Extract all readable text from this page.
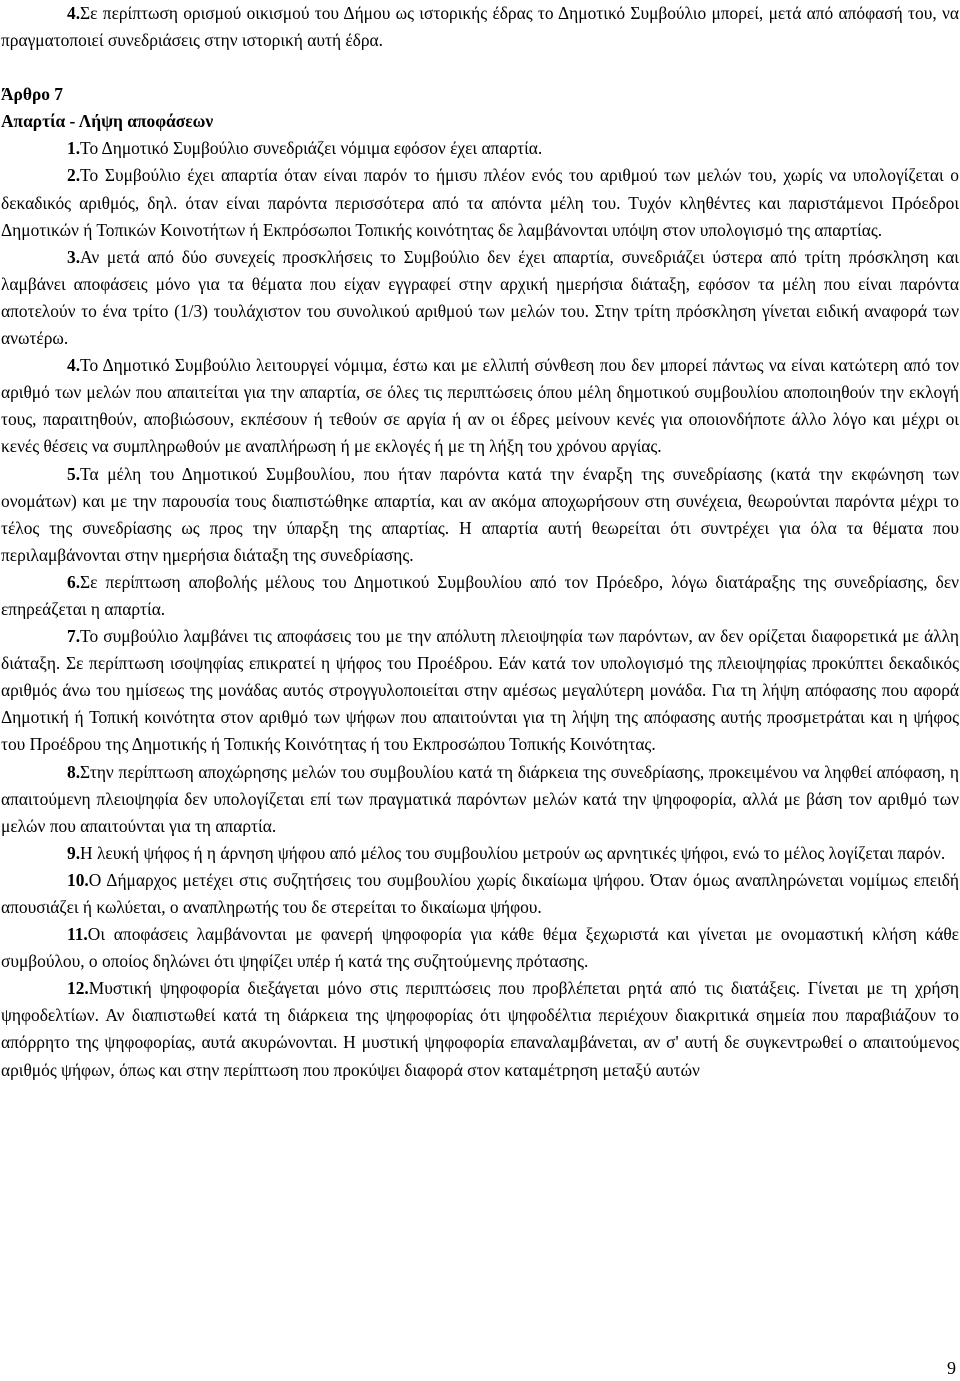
4.Σε περίπτωση ορισμού οικισμού του Δήμου ως ιστορικής έδρας το Δημοτικό Συμβούλιο μπορεί, μετά από απόφασή του, να πραγματοποιεί συνεδριάσεις στην ιστορική αυτή έδρα.

Άρθρο 7

Απαρτία - Λήψη αποφάσεων

1.Το Δημοτικό Συμβούλιο συνεδριάζει νόμιμα εφόσον έχει απαρτία.

2.Το Συμβούλιο έχει απαρτία όταν είναι παρόν το ήμισυ πλέον ενός του αριθμού των μελών του, χωρίς να υπολογίζεται ο δεκαδικός αριθμός, δηλ. όταν είναι παρόντα περισσότερα από τα απόντα μέλη του. Τυχόν κληθέντες και παριστάμενοι Πρόεδροι Δημοτικών ή Τοπικών Κοινοτήτων ή Εκπρόσωποι Τοπικής κοινότητας δε λαμβάνονται υπόψη στον υπολογισμό της απαρτίας.

3.Αν μετά από δύο συνεχείς προσκλήσεις το Συμβούλιο δεν έχει απαρτία, συνεδριάζει ύστερα από τρίτη πρόσκληση και λαμβάνει αποφάσεις μόνο για τα θέματα που είχαν εγγραφεί στην αρχική ημερήσια διάταξη, εφόσον τα μέλη που είναι παρόντα αποτελούν το ένα τρίτο (1/3) τουλάχιστον του συνολικού αριθμού των μελών του. Στην τρίτη πρόσκληση γίνεται ειδική αναφορά των ανωτέρω.

4.Το Δημοτικό Συμβούλιο λειτουργεί νόμιμα, έστω και με ελλιπή σύνθεση που δεν μπορεί πάντως να είναι κατώτερη από τον αριθμό των μελών που απαιτείται για την απαρτία, σε όλες τις περιπτώσεις όπου μέλη δημοτικού συμβουλίου αποποιηθούν την εκλογή τους, παραιτηθούν, αποβιώσουν, εκπέσουν ή τεθούν σε αργία ή αν οι έδρες μείνουν κενές για οποιονδήποτε άλλο λόγο και μέχρι οι κενές θέσεις να συμπληρωθούν με αναπλήρωση ή με εκλογές ή με τη λήξη του χρόνου αργίας.

5.Τα μέλη του Δημοτικού Συμβουλίου, που ήταν παρόντα κατά την έναρξη της συνεδρίασης (κατά την εκφώνηση των ονομάτων) και με την παρουσία τους διαπιστώθηκε απαρτία, και αν ακόμα αποχωρήσουν στη συνέχεια, θεωρούνται παρόντα μέχρι το τέλος της συνεδρίασης ως προς την ύπαρξη της απαρτίας. Η απαρτία αυτή θεωρείται ότι συντρέχει για όλα τα θέματα που περιλαμβάνονται στην ημερήσια διάταξη της συνεδρίασης.

6.Σε περίπτωση αποβολής μέλους του Δημοτικού Συμβουλίου από τον Πρόεδρο, λόγω διατάραξης της συνεδρίασης, δεν επηρεάζεται η απαρτία.

7.Το συμβούλιο λαμβάνει τις αποφάσεις του με την απόλυτη πλειοψηφία των παρόντων, αν δεν ορίζεται διαφορετικά με άλλη διάταξη. Σε περίπτωση ισοψηφίας επικρατεί η ψήφος του Προέδρου. Εάν κατά τον υπολογισμό της πλειοψηφίας προκύπτει δεκαδικός αριθμός άνω του ημίσεως της μονάδας αυτός στρογγυλοποιείται στην αμέσως μεγαλύτερη μονάδα. Για τη λήψη απόφασης που αφορά Δημοτική ή Τοπική κοινότητα στον αριθμό των ψήφων που απαιτούνται για τη λήψη της απόφασης αυτής προσμετράται και η ψήφος του Προέδρου της Δημοτικής ή Τοπικής Κοινότητας ή του Εκπροσώπου Τοπικής Κοινότητας.

8.Στην περίπτωση αποχώρησης μελών του συμβουλίου κατά τη διάρκεια της συνεδρίασης, προκειμένου να ληφθεί απόφαση, η απαιτούμενη πλειοψηφία δεν υπολογίζεται επί των πραγματικά παρόντων μελών κατά την ψηφοφορία, αλλά με βάση τον αριθμό των μελών που απαιτούνται για τη απαρτία.

9.Η λευκή ψήφος ή η άρνηση ψήφου από μέλος του συμβουλίου μετρούν ως αρνητικές ψήφοι, ενώ το μέλος λογίζεται παρόν.

10.Ο Δήμαρχος μετέχει στις συζητήσεις του συμβουλίου χωρίς δικαίωμα ψήφου. Όταν όμως αναπληρώνεται νομίμως επειδή απουσιάζει ή κωλύεται, ο αναπληρωτής του δε στερείται το δικαίωμα ψήφου.

11.Οι αποφάσεις λαμβάνονται με φανερή ψηφοφορία για κάθε θέμα ξεχωριστά και γίνεται με ονομαστική κλήση κάθε συμβούλου, ο οποίος δηλώνει ότι ψηφίζει υπέρ ή κατά της συζητούμενης πρότασης.

12.Μυστική ψηφοφορία διεξάγεται μόνο στις περιπτώσεις που προβλέπεται ρητά από τις διατάξεις. Γίνεται με τη χρήση ψηφοδελτίων. Αν διαπιστωθεί κατά τη διάρκεια της ψηφοφορίας ότι ψηφοδέλτια περιέχουν διακριτικά σημεία που παραβιάζουν το απόρρητο της ψηφοφορίας, αυτά ακυρώνονται. Η μυστική ψηφοφορία επαναλαμβάνεται, αν σ' αυτή δε συγκεντρωθεί ο απαιτούμενος αριθμός ψήφων, όπως και στην περίπτωση που προκύψει διαφορά στον καταμέτρηση μεταξύ αυτών

9
